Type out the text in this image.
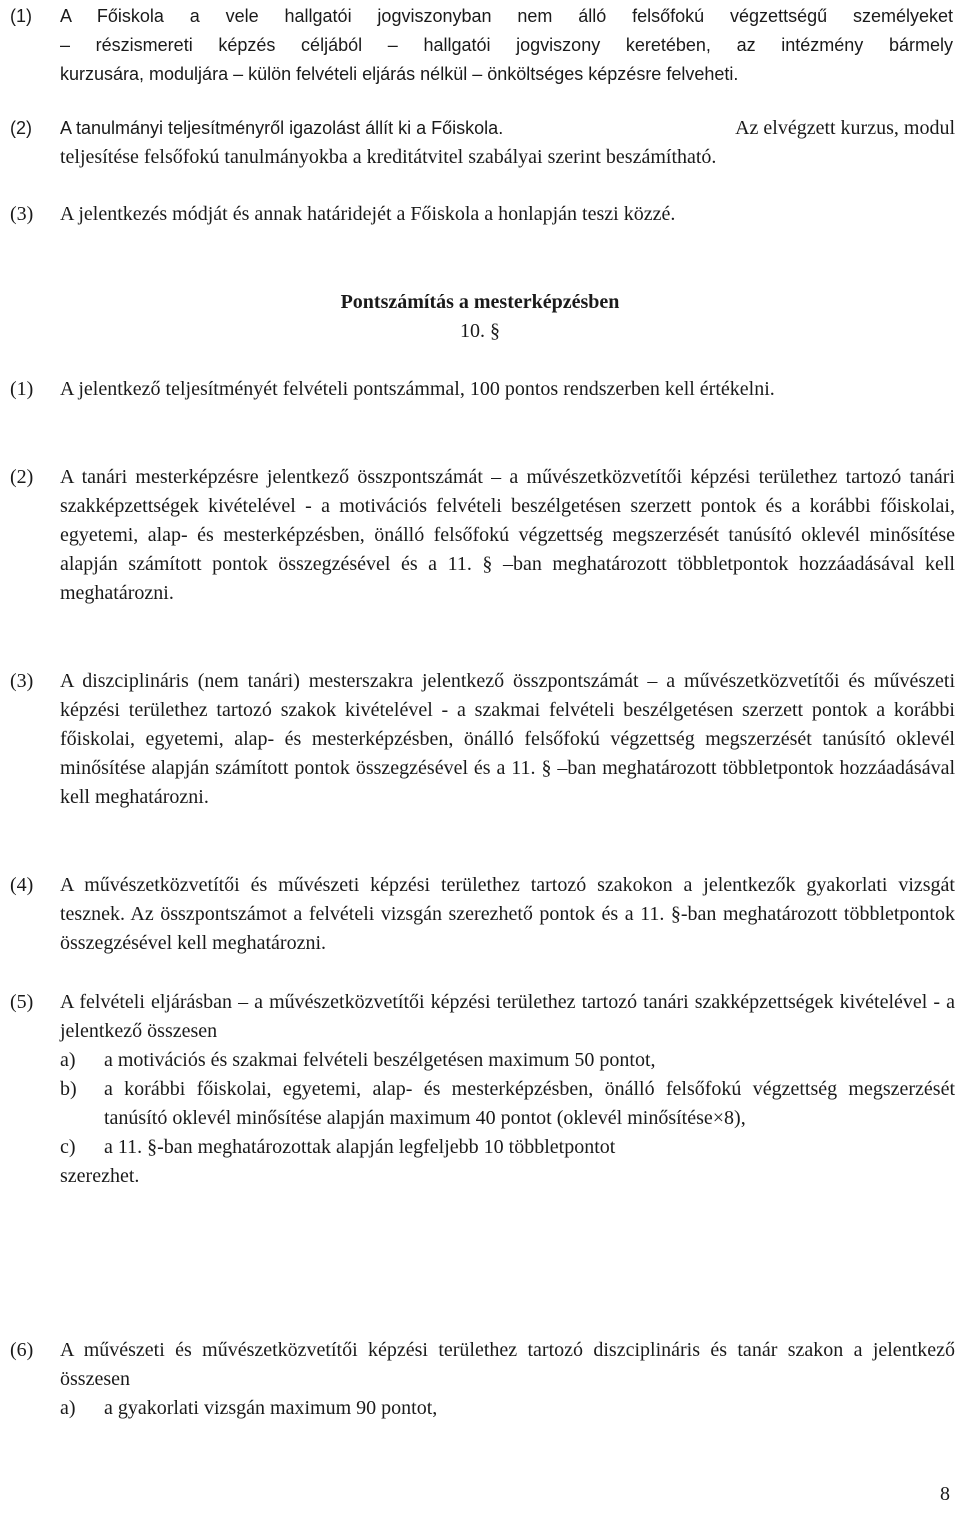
(1)	A Főiskola a vele hallgatói jogviszonyban nem álló felsőfokú végzettségű személyeket
– részismereti képzés céljából – hallgatói jogviszony keretében, az intézmény bármely
kurzusára, moduljára – külön felvételi eljárás nélkül – önköltséges képzésre felveheti.
(2)	A tanulmányi teljesítményről igazolást állít ki a Főiskola.	Az elvégzett kurzus, modul
teljesítése felsőfokú tanulmányokba a kreditátvitel szabályai szerint beszámítható.
(3)	A jelentkezés módját és annak határidejét a Főiskola a honlapján teszi közzé.
Pontszámítás a mesterképzésben
10. §
(1)	A jelentkező teljesítményét felvételi pontszámmal, 100 pontos rendszerben kell értékelni.
(2)	A tanári mesterképzésre jelentkező összpontszámát – a művészetközvetítői képzési területhez tartozó tanári szakképzettségek kivételével - a motivációs felvételi beszélgetésen szerzett pontok és a korábbi főiskolai, egyetemi, alap- és mesterképzésben, önálló felsőfokú végzettség megszerzését tanúsító oklevél minősítése alapján számított pontok összegzésével és a 11. § –ban meghatározott többletpontok hozzáadásával kell meghatározni.
(3)	A diszciplináris (nem tanári) mesterszakra jelentkező összpontszámát – a művészetközvetítői és művészeti képzési területhez tartozó szakok kivételével - a szakmai felvételi beszélgetésen szerzett pontok a korábbi főiskolai, egyetemi, alap- és mesterképzésben, önálló felsőfokú végzettség megszerzését tanúsító oklevél minősítése alapján számított pontok összegzésével és a 11. § –ban meghatározott többletpontok hozzáadásával kell meghatározni.
(4)	A művészetközvetítői és művészeti képzési területhez tartozó szakokon a jelentkezők gyakorlati vizsgát tesznek. Az összpontszámot a felvételi vizsgán szerezhető pontok és a 11. §-ban meghatározott többletpontok összegzésével kell meghatározni.
(5)	A felvételi eljárásban – a művészetközvetítői képzési területhez tartozó tanári szakképzettségek kivételével - a jelentkező összesen
a)	a motivációs és szakmai felvételi beszélgetésen maximum 50 pontot,
b)	a korábbi főiskolai, egyetemi, alap- és mesterképzésben, önálló felsőfokú végzettség megszerzését tanúsító oklevél minősítése alapján maximum 40 pontot (oklevél minősítése×8),
c)	a 11. §-ban meghatározottak alapján legfeljebb 10 többletpontot
szerezhet.
(6)	A művészeti és művészetközvetítői képzési területhez tartozó diszciplináris és tanár szakon a jelentkező összesen
a)	a gyakorlati vizsgán maximum 90 pontot,
8
